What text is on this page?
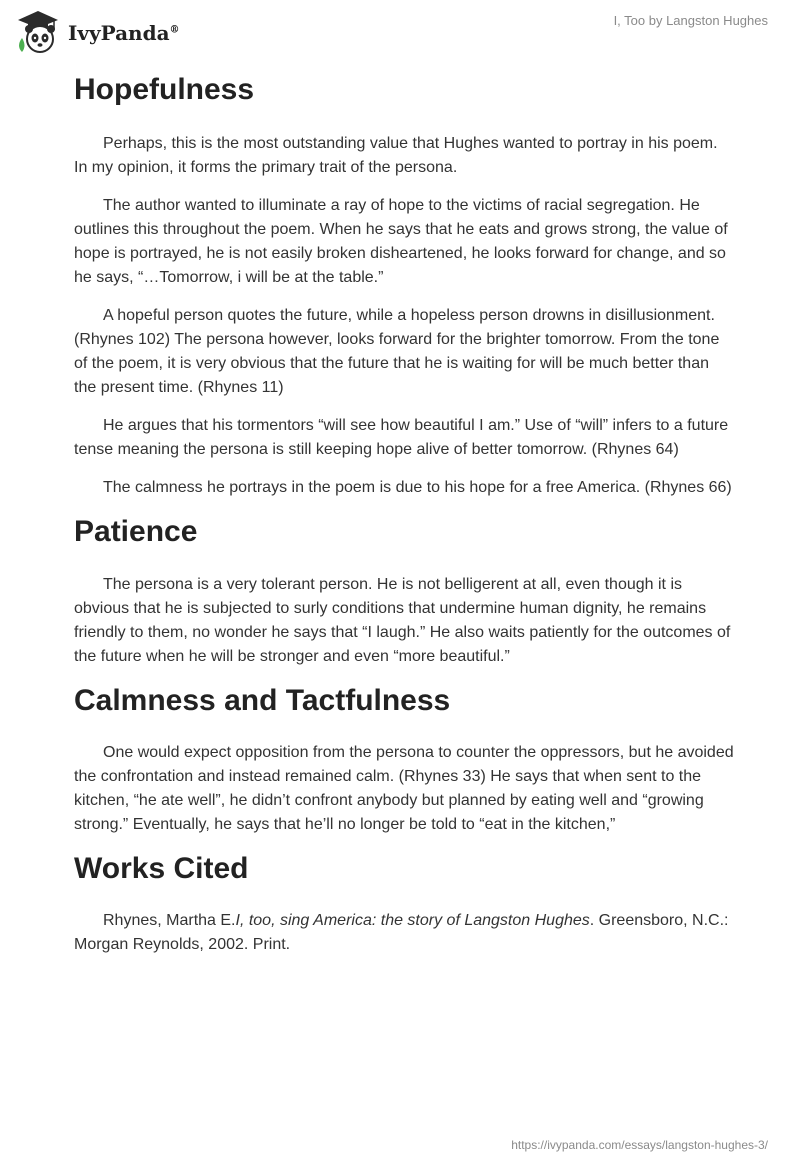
IvyPanda®
I, Too by Langston Hughes
Hopefulness

Perhaps, this is the most outstanding value that Hughes wanted to portray in his poem. In my opinion, it forms the primary trait of the persona.

The author wanted to illuminate a ray of hope to the victims of racial segregation. He outlines this throughout the poem. When he says that he eats and grows strong, the value of hope is portrayed, he is not easily broken disheartened, he looks forward for change, and so he says, “…Tomorrow, i will be at the table.”

A hopeful person quotes the future, while a hopeless person drowns in disillusionment. (Rhynes 102) The persona however, looks forward for the brighter tomorrow. From the tone of the poem, it is very obvious that the future that he is waiting for will be much better than the present time. (Rhynes 11)

He argues that his tormentors “will see how beautiful I am.” Use of “will” infers to a future tense meaning the persona is still keeping hope alive of better tomorrow. (Rhynes 64)

The calmness he portrays in the poem is due to his hope for a free America. (Rhynes 66)

Patience

The persona is a very tolerant person. He is not belligerent at all, even though it is obvious that he is subjected to surly conditions that undermine human dignity, he remains friendly to them, no wonder he says that “I laugh.” He also waits patiently for the outcomes of the future when he will be stronger and even “more beautiful.”

Calmness and Tactfulness

One would expect opposition from the persona to counter the oppressors, but he avoided the confrontation and instead remained calm. (Rhynes 33) He says that when sent to the kitchen, “he ate well”, he didn’t confront anybody but planned by eating well and “growing strong.” Eventually, he says that he’ll no longer be told to “eat in the kitchen,”

Works Cited

Rhynes, Martha E.I, too, sing America: the story of Langston Hughes. Greensboro, N.C.: Morgan Reynolds, 2002. Print.

https://ivypanda.com/essays/langston-hughes-3/
